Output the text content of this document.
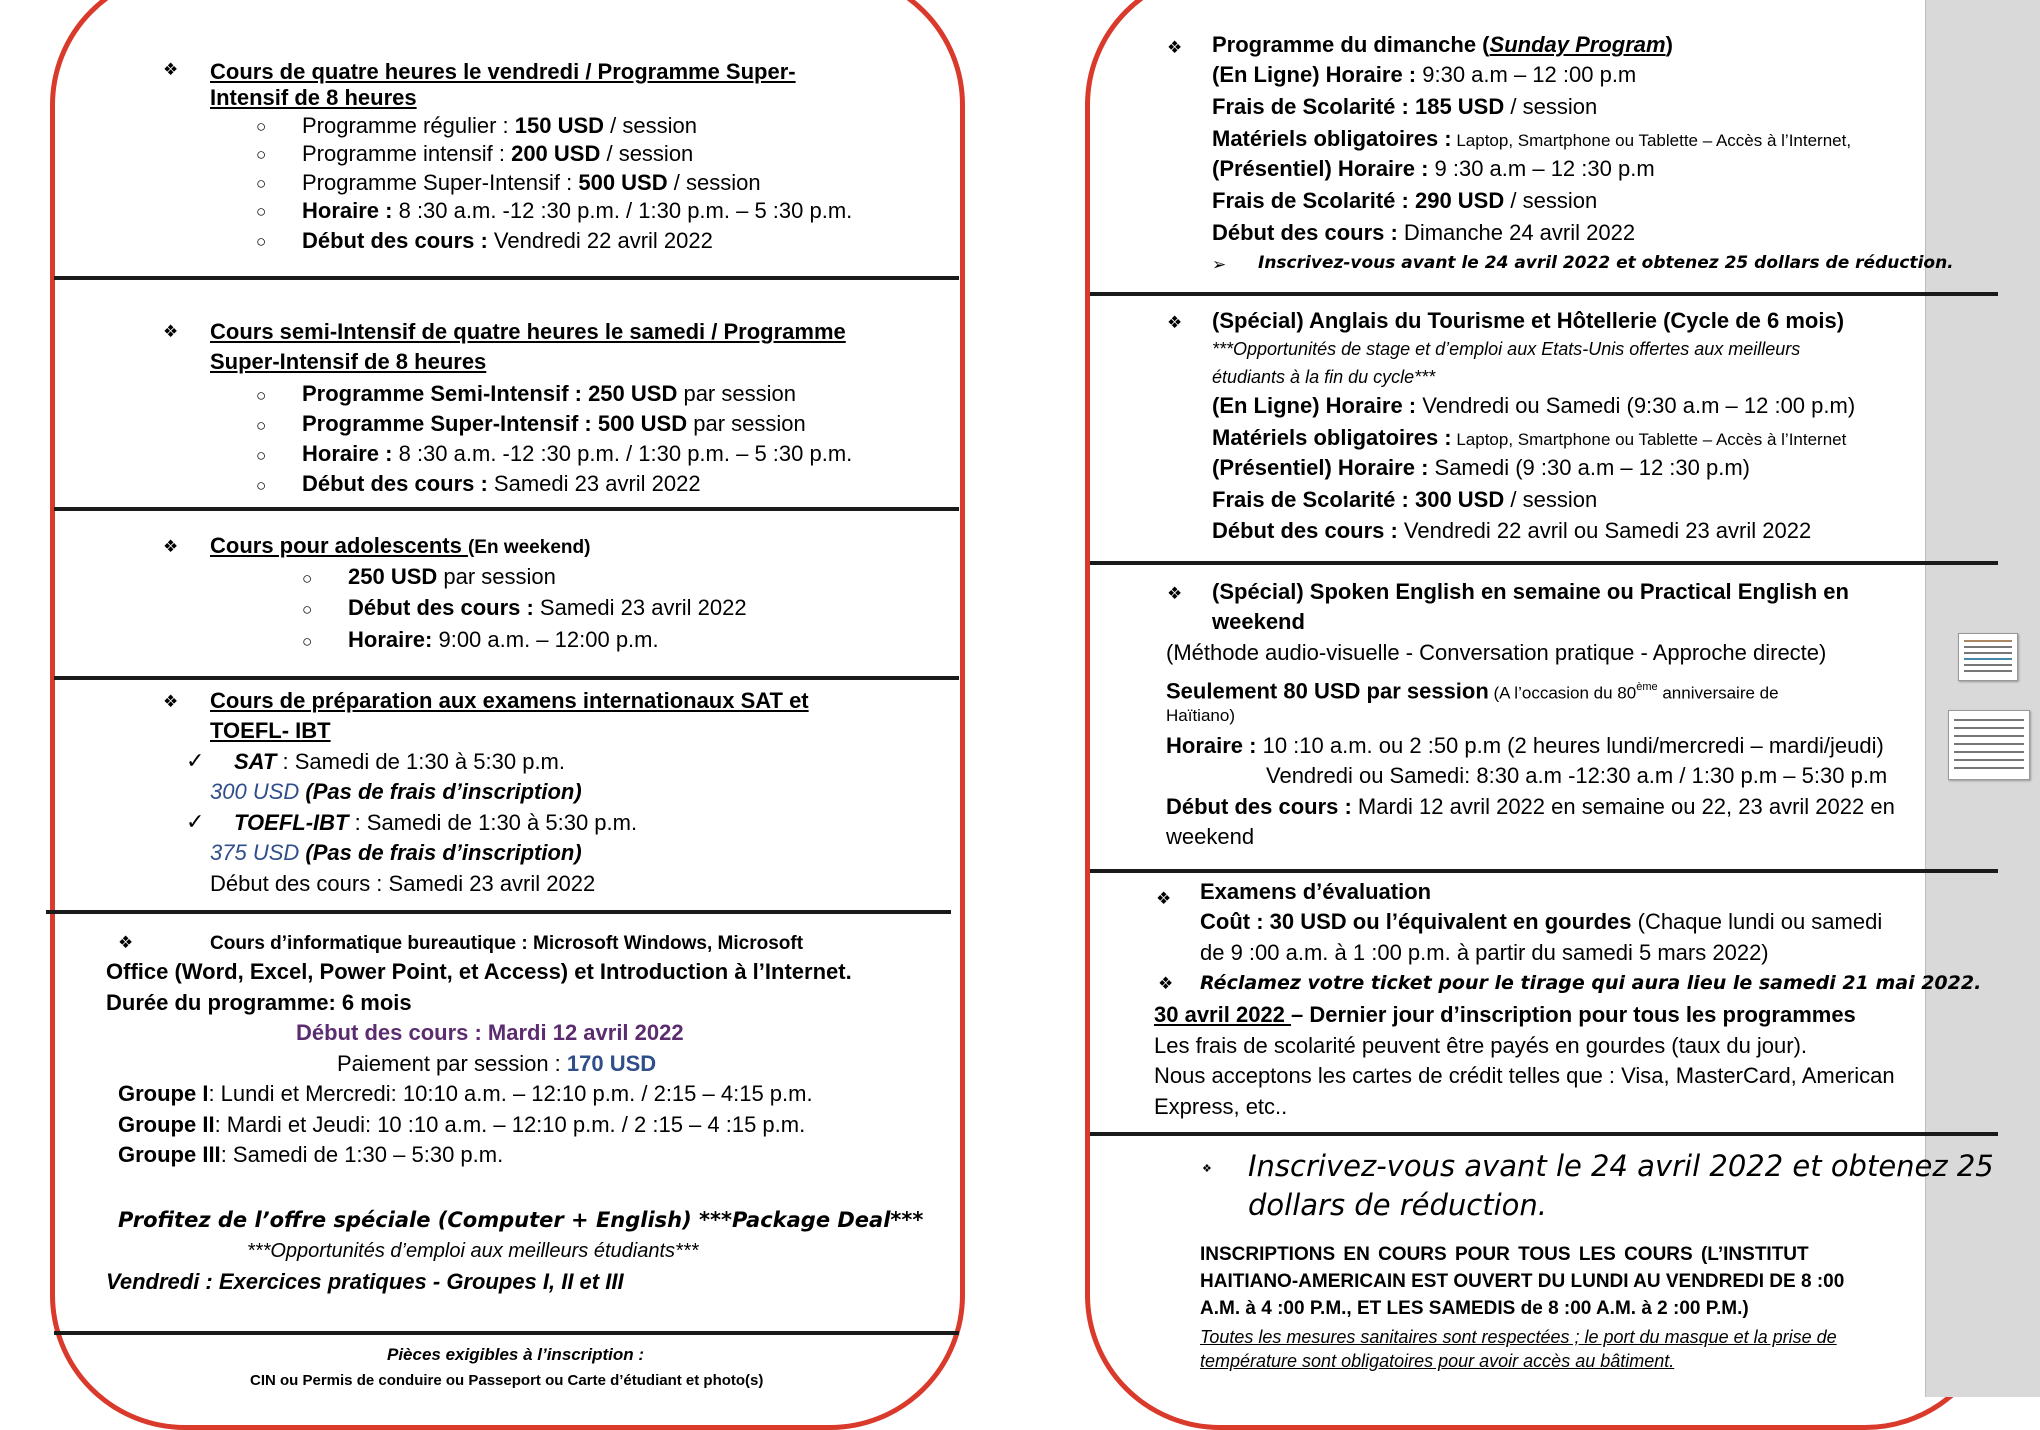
❖ Cours de quatre heures le vendredi / Programme Super-
Intensif de 8 heures
○ Programme régulier : 150 USD / session
○ Programme intensif : 200 USD / session
○ Programme Super-Intensif : 500 USD / session
○ Horaire : 8 :30 a.m. -12 :30 p.m. / 1:30 p.m. – 5 :30 p.m.
○ Début des cours : Vendredi 22 avril 2022
❖ Cours semi-Intensif de quatre heures le samedi / Programme
Super-Intensif de 8 heures
○ Programme Semi-Intensif : 250 USD par session
○ Programme Super-Intensif : 500 USD par session
○ Horaire : 8 :30 a.m. -12 :30 p.m. / 1:30 p.m. – 5 :30 p.m.
○ Début des cours : Samedi 23 avril 2022
❖ Cours pour adolescents (En weekend)
○ 250 USD par session
○ Début des cours : Samedi 23 avril 2022
○ Horaire: 9:00 a.m. – 12:00 p.m.
❖ Cours de préparation aux examens internationaux SAT et
TOEFL- IBT
✓ SAT : Samedi de 1:30 à 5:30 p.m.
300 USD (Pas de frais d’inscription)
✓ TOEFL-IBT : Samedi de 1:30 à 5:30 p.m.
375 USD (Pas de frais d’inscription)
Début des cours : Samedi 23 avril 2022
❖	Cours d’informatique bureautique : Microsoft Windows, Microsoft
Office (Word, Excel, Power Point, et Access) et Introduction à l’Internet.
Durée du programme: 6 mois
Début des cours : Mardi 12 avril 2022
Paiement par session : 170 USD
Groupe I: Lundi et Mercredi: 10:10 a.m. – 12:10 p.m. / 2:15 – 4:15 p.m.
Groupe II: Mardi et Jeudi: 10 :10 a.m. – 12:10 p.m. / 2 :15 – 4 :15 p.m.
Groupe III: Samedi de 1:30 – 5:30 p.m.
Profitez de l’offre spéciale (Computer + English) ***Package Deal***
***Opportunités d’emploi aux meilleurs étudiants***
Vendredi : Exercices pratiques - Groupes I, II et III
Pièces exigibles à l’inscription :
CIN ou Permis de conduire ou Passeport ou Carte d’étudiant et photo(s)
❖ Programme du dimanche (Sunday Program)
(En Ligne) Horaire : 9:30 a.m – 12 :00 p.m
Frais de Scolarité : 185 USD / session
Matériels obligatoires : Laptop, Smartphone ou Tablette – Accès à l’Internet,
(Présentiel) Horaire : 9 :30 a.m – 12 :30 p.m
Frais de Scolarité : 290 USD / session
Début des cours : Dimanche 24 avril 2022
➢ Inscrivez-vous avant le 24 avril 2022 et obtenez 25 dollars de réduction.
❖ (Spécial) Anglais du Tourisme et Hôtellerie (Cycle de 6 mois)
***Opportunités de stage et d’emploi aux Etats-Unis offertes aux meilleurs
étudiants à la fin du cycle***
(En Ligne) Horaire : Vendredi ou Samedi (9:30 a.m – 12 :00 p.m)
Matériels obligatoires : Laptop, Smartphone ou Tablette – Accès à l’Internet
(Présentiel) Horaire : Samedi (9 :30 a.m – 12 :30 p.m)
Frais de Scolarité : 300 USD / session
Début des cours : Vendredi 22 avril ou Samedi 23 avril 2022
❖ (Spécial) Spoken English en semaine ou Practical English en
weekend
(Méthode audio-visuelle - Conversation pratique - Approche directe)
Seulement 80 USD par session (A l’occasion du 80ème anniversaire de
Haïtiano)
Horaire : 10 :10 a.m. ou 2 :50 p.m (2 heures lundi/mercredi – mardi/jeudi)
Vendredi ou Samedi: 8:30 a.m -12:30 a.m / 1:30 p.m – 5:30 p.m
Début des cours : Mardi 12 avril 2022 en semaine ou 22, 23 avril 2022 en
weekend
❖ Examens d’évaluation
Coût : 30 USD ou l’équivalent en gourdes (Chaque lundi ou samedi
de 9 :00 a.m. à 1 :00 p.m. à partir du samedi 5 mars 2022)
❖ Réclamez votre ticket pour le tirage qui aura lieu le samedi 21 mai 2022.
30 avril 2022 – Dernier jour d’inscription pour tous les programmes
Les frais de scolarité peuvent être payés en gourdes (taux du jour).
Nous acceptons les cartes de crédit telles que : Visa, MasterCard, American
Express, etc..
❖ Inscrivez-vous avant le 24 avril 2022 et obtenez 25
dollars de réduction.
INSCRIPTIONS EN COURS POUR TOUS LES COURS (L’INSTITUT
HAITIANO-AMERICAIN EST OUVERT DU LUNDI AU VENDREDI DE 8 :00
A.M. à 4 :00 P.M., ET LES SAMEDIS de 8 :00 A.M. à 2 :00 P.M.)
Toutes les mesures sanitaires sont respectées ; le port du masque et la prise de
température sont obligatoires pour avoir accès au bâtiment.
